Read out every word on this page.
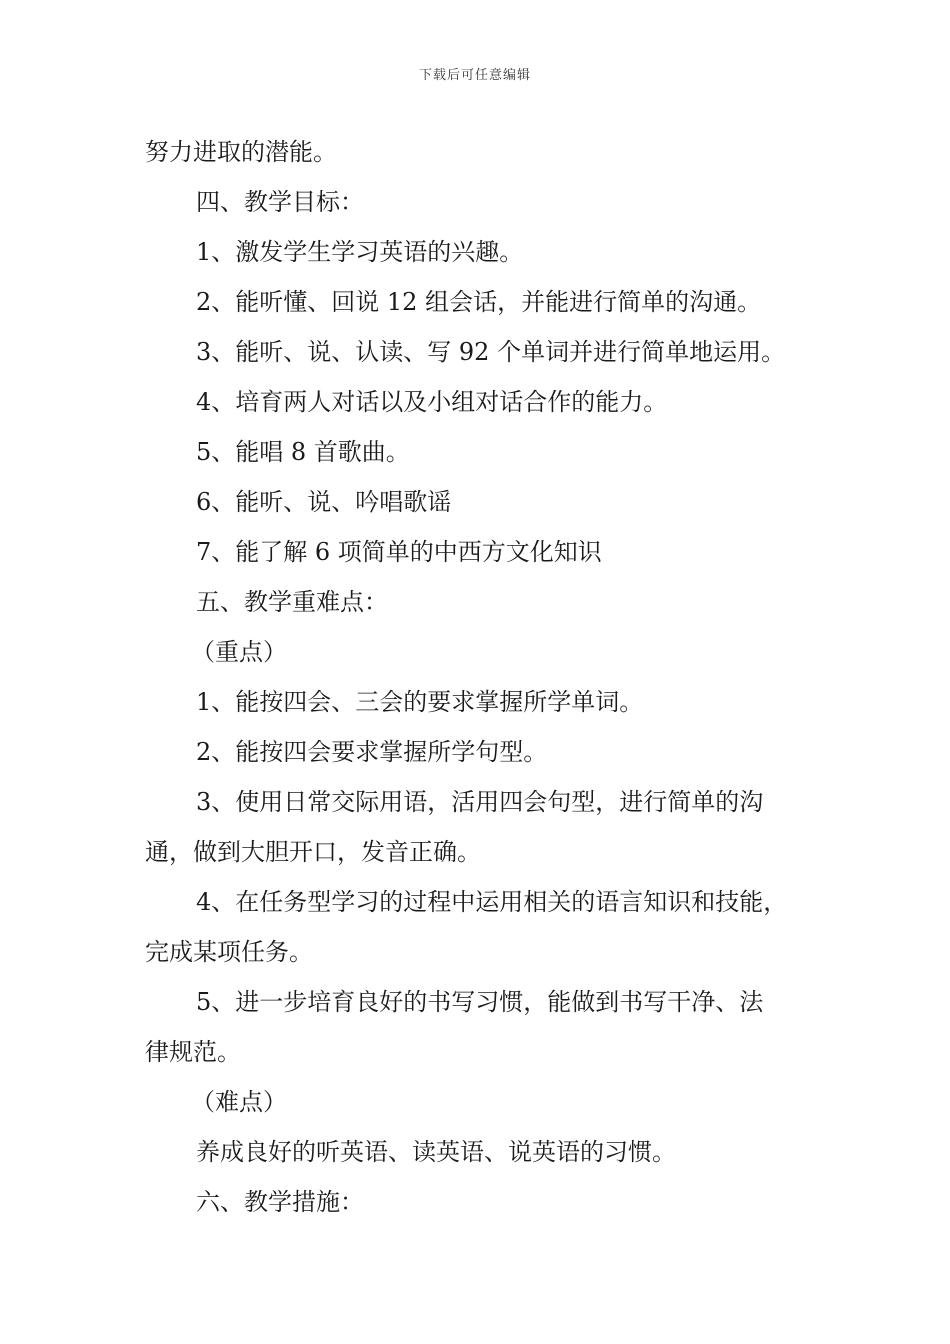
下载后可任意编辑
努力进取的潜能。
四、教学目标：
1、激发学生学习英语的兴趣。
2、能听懂、回说 12 组会话，并能进行简单的沟通。
3、能听、说、认读、写 92 个单词并进行简单地运用。
4、培育两人对话以及小组对话合作的能力。
5、能唱 8 首歌曲。
6、能听、说、吟唱歌谣
7、能了解 6 项简单的中西方文化知识
五、教学重难点：
（重点）
1、能按四会、三会的要求掌握所学单词。
2、能按四会要求掌握所学句型。
3、使用日常交际用语，活用四会句型，进行简单的沟
通，做到大胆开口，发音正确。
4、在任务型学习的过程中运用相关的语言知识和技能，
完成某项任务。
5、进一步培育良好的书写习惯，能做到书写干净、法
律规范。
（难点）
养成良好的听英语、读英语、说英语的习惯。
六、教学措施：
